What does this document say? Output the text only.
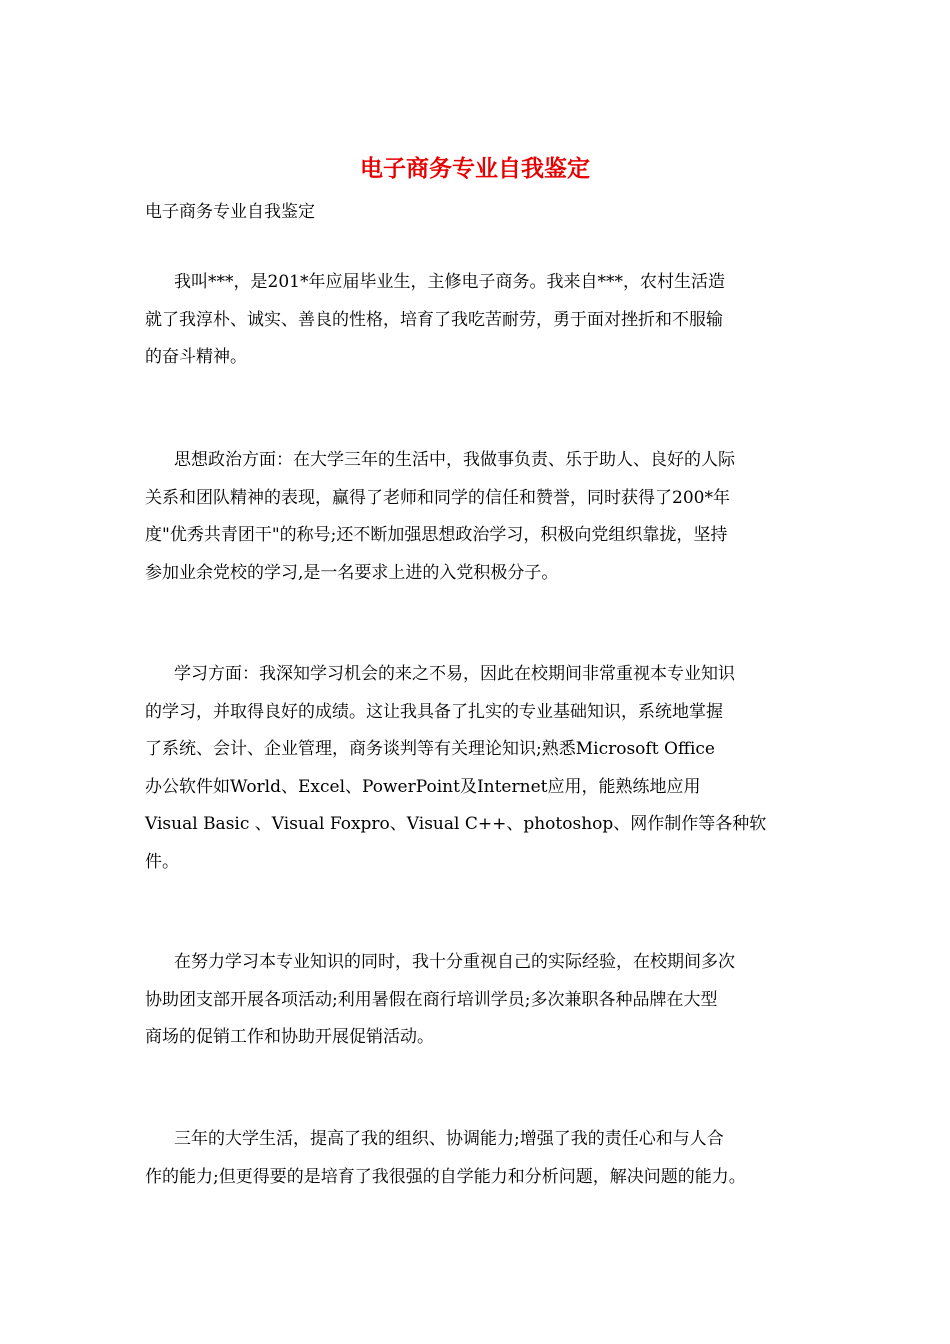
电子商务专业自我鉴定

电子商务专业自我鉴定

我叫***，是201*年应届毕业生，主修电子商务。我来自***，农村生活造
就了我淳朴、诚实、善良的性格，培育了我吃苦耐劳，勇于面对挫折和不服输
的奋斗精神。
思想政治方面：在大学三年的生活中，我做事负责、乐于助人、良好的人际
关系和团队精神的表现，赢得了老师和同学的信任和赞誉，同时获得了200*年
度"优秀共青团干"的称号;还不断加强思想政治学习，积极向党组织靠拢，坚持
参加业余党校的学习,是一名要求上进的入党积极分子。
学习方面：我深知学习机会的来之不易，因此在校期间非常重视本专业知识
的学习，并取得良好的成绩。这让我具备了扎实的专业基础知识，系统地掌握
了系统、会计、企业管理，商务谈判等有关理论知识;熟悉Microsoft Office
办公软件如World、Excel、PowerPoint及Internet应用，能熟练地应用
Visual Basic 、Visual Foxpro、Visual C++、photoshop、网作制作等各种软
件。
在努力学习本专业知识的同时，我十分重视自己的实际经验，在校期间多次
协助团支部开展各项活动;利用暑假在商行培训学员;多次兼职各种品牌在大型
商场的促销工作和协助开展促销活动。
三年的大学生活，提高了我的组织、协调能力;增强了我的责任心和与人合
作的能力;但更得要的是培育了我很强的自学能力和分析问题，解决问题的能力。
